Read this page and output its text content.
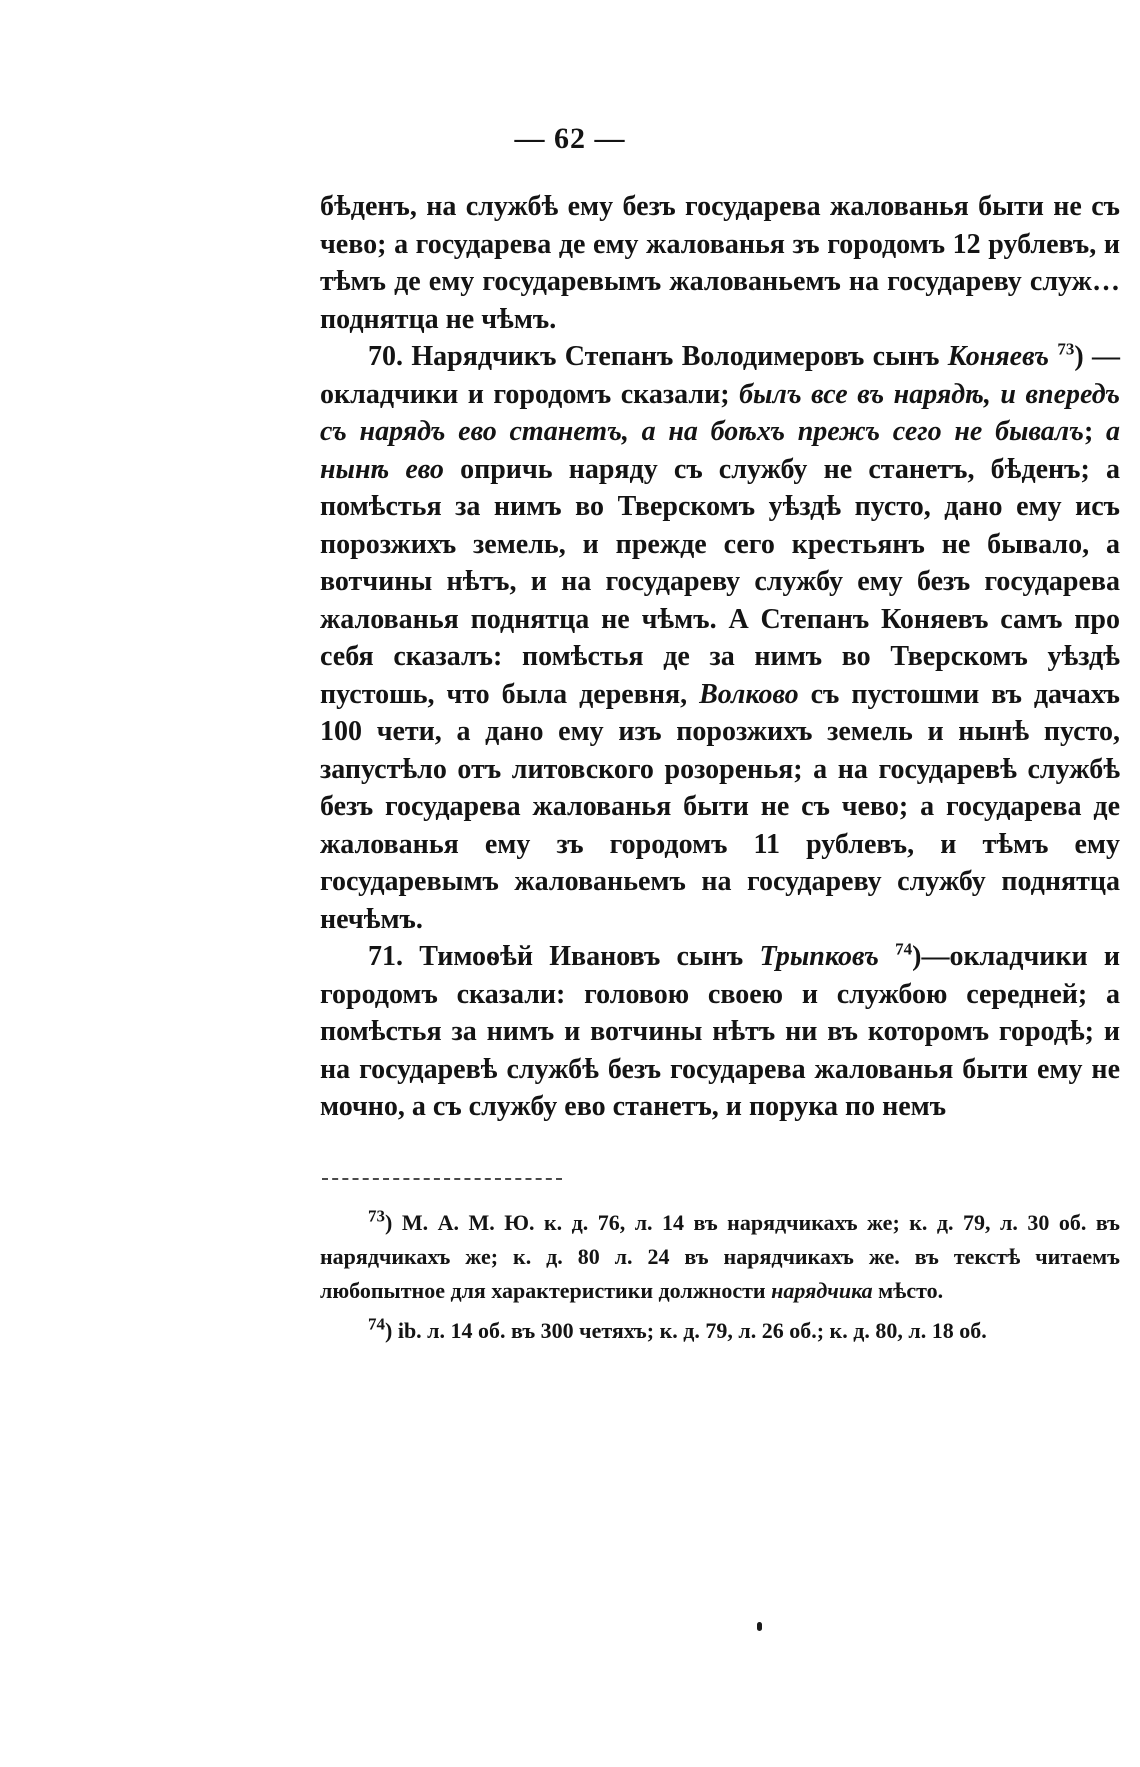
— 62 —

бѣденъ, на службѣ ему безъ государева жалованья быти не съ чево; а государева де ему жалованья зъ городомъ 12 рублевъ, и тѣмъ де ему государевымъ жалованьемъ на государеву служ… поднятца не чѣмъ.

70. Нарядчикъ Степанъ Володимеровъ сынъ Коняевъ $^{73}$) —окладчики и городомъ сказали; былъ все въ нарядѣ, и впередъ съ нарядъ ево станетъ, а на боѣхъ прежъ сего не бывалъ; а нынѣ ево опричь наряду съ службу не станетъ, бѣденъ; а помѣстья за нимъ во Тверскомъ уѣздѣ пусто, дано ему исъ порозжихъ земель, и прежде сего крестьянъ не бывало, а вотчины нѣтъ, и на государеву службу ему безъ государева жалованья поднятца не чѣмъ. А Степанъ Коняевъ самъ про себя сказалъ: помѣстья де за нимъ во Тверскомъ уѣздѣ пустошь, что была деревня, Волково съ пустошми въ дачахъ 100 чети, а дано ему изъ порозжихъ земель и нынѣ пусто, запустѣло отъ литовского розоренья; а на государевѣ службѣ безъ государева жалованья быти не съ чево; а государева де жалованья ему зъ городомъ 11 рублевъ, и тѣмъ ему государевымъ жалованьемъ на государеву службу поднятца нечѣмъ.

71. Тимоѳѣй Ивановъ сынъ Трыпковъ $^{74}$)—окладчики и городомъ сказали: головою своею и службою середней; а помѣстья за нимъ и вотчины нѣтъ ни въ которомъ городѣ; и на государевѣ службѣ безъ государева жалованья быти ему не мочно, а съ службу ево станетъ, и порука по немъ

$^{73}$) М. А. М. Ю. к. д. 76, л. 14 въ нарядчикахъ же; к. д. 79, л. 30 об. въ нарядчикахъ же; к. д. 80 л. 24 въ нарядчикахъ же. въ текстѣ читаемъ любопытное для характеристики должности нарядчика мѣсто.

$^{74}$) ib. л. 14 об. въ 300 четяхъ; к. д. 79, л. 26 об.; к. д. 80, л. 18 об.
